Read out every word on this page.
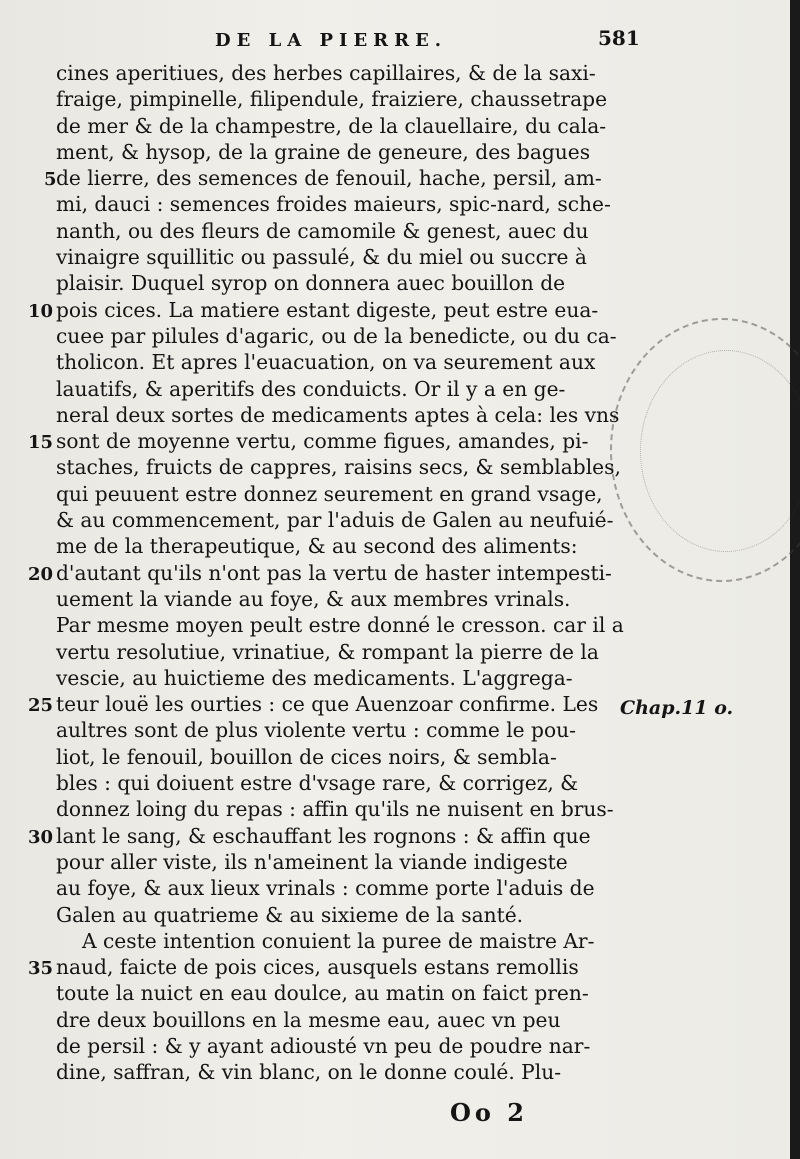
DE LA PIERRE.	581
cines aperitiues, des herbes capillaires, & de la saxi-
fraige, pimpinelle, filipendule, fraiziere, chaussetrape
de mer & de la champestre, de la clauellaire, du cala-
ment, & hysop, de la graine de geneure, des bagues
de lierre, des semences de fenouil, hache, persil, am-
mi, dauci : semences froides maieurs, spic-nard, sche-
nanth, ou des fleurs de camomile & genest, auec du
vinaigre squillitic ou passulé, & du miel ou succre à
plaisir. Duquel syrop on donnera auec bouillon de
pois cices. La matiere estant digeste, peut estre eua-
cuee par pilules d'agaric, ou de la benedicte, ou du ca-
tholicon. Et apres l'euacuation, on va seurement aux
lauatifs, & aperitifs des conduicts. Or il y a en ge-
neral deux sortes de medicaments aptes à cela: les vns
sont de moyenne vertu, comme figues, amandes, pi-
staches, fruicts de cappres, raisins secs, & semblables,
qui peuuent estre donnez seurement en grand vsage,
& au commencement, par l'aduis de Galen au neufuié-
me de la therapeutique, & au second des aliments:
d'autant qu'ils n'ont pas la vertu de haster intempesti-
uement la viande au foye, & aux membres vrinals.
Par mesme moyen peult estre donné le cresson. car il a
vertu resolutiue, vrinatiue, & rompant la pierre de la
vescie, au huictieme des medicaments. L'aggrega-
teur louë les ourties : ce que Auenzoar confirme. Les
aultres sont de plus violente vertu : comme le pou-
liot, le fenouil, bouillon de cices noirs, & sembla-
bles : qui doiuent estre d'vsage rare, & corrigez, &
donnez loing du repas : affin qu'ils ne nuisent en brus-
lant le sang, & eschauffant les rognons : & affin que
pour aller viste, ils n'ameinent la viande indigeste
au foye, & aux lieux vrinals : comme porte l'aduis de
Galen au quatrieme & au sixieme de la santé.
A ceste intention conuient la puree de maistre Ar-
naud, faicte de pois cices, ausquels estans remollis
toute la nuict en eau doulce, au matin on faict pren-
dre deux bouillons en la mesme eau, auec vn peu
de persil : & y ayant adiousté vn peu de poudre nar-
dine, saffran, & vin blanc, on le donne coulé. Plu-
Chap.11 o.
Oo 2
5
10
15
20
25
30
35
